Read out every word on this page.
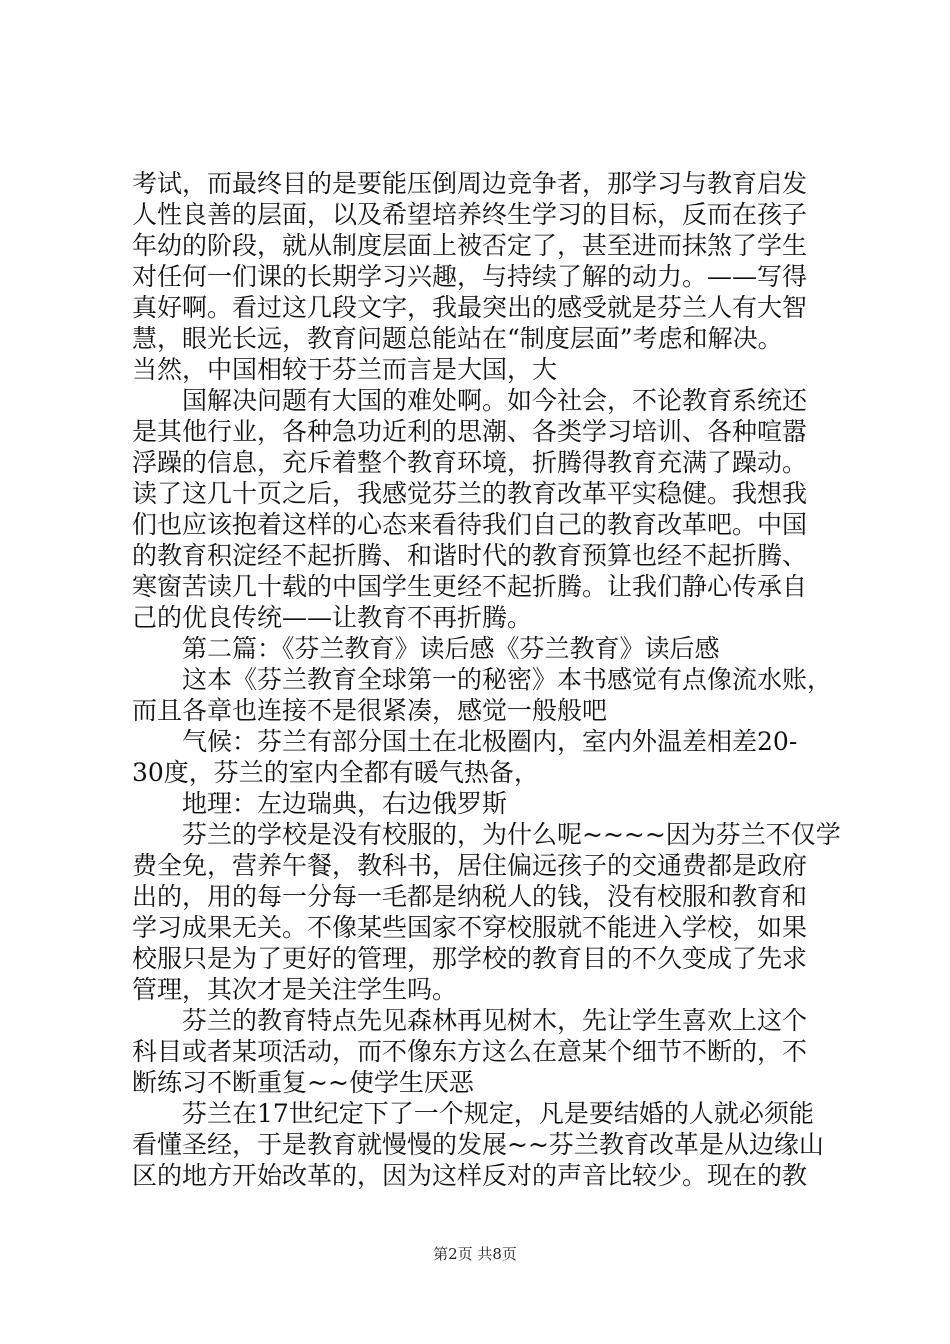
考试，而最终目的是要能压倒周边竞争者，那学习与教育启发
人性良善的层面，以及希望培养终生学习的目标，反而在孩子
年幼的阶段，就从制度层面上被否定了，甚至进而抹煞了学生
对任何一们课的长期学习兴趣，与持续了解的动力。——写得
真好啊。看过这几段文字，我最突出的感受就是芬兰人有大智
慧，眼光长远，教育问题总能站在“制度层面”考虑和解决。
当然，中国相较于芬兰而言是大国，大
国解决问题有大国的难处啊。如今社会，不论教育系统还
是其他行业，各种急功近利的思潮、各类学习培训、各种喧嚣
浮躁的信息，充斥着整个教育环境，折腾得教育充满了躁动。
读了这几十页之后，我感觉芬兰的教育改革平实稳健。我想我
们也应该抱着这样的心态来看待我们自己的教育改革吧。中国
的教育积淀经不起折腾、和谐时代的教育预算也经不起折腾、
寒窗苦读几十载的中国学生更经不起折腾。让我们静心传承自
己的优良传统——让教育不再折腾。
第二篇：《芬兰教育》读后感《芬兰教育》读后感
这本《芬兰教育全球第一的秘密》本书感觉有点像流水账，
而且各章也连接不是很紧凑，感觉一般般吧
气候：芬兰有部分国土在北极圈内，室内外温差相差20-
30度，芬兰的室内全都有暖气热备，
地理：左边瑞典，右边俄罗斯
芬兰的学校是没有校服的，为什么呢~~~~因为芬兰不仅学
费全免，营养午餐，教科书，居住偏远孩子的交通费都是政府
出的，用的每一分每一毛都是纳税人的钱，没有校服和教育和
学习成果无关。不像某些国家不穿校服就不能进入学校，如果
校服只是为了更好的管理，那学校的教育目的不久变成了先求
管理，其次才是关注学生吗。
芬兰的教育特点先见森林再见树木，先让学生喜欢上这个
科目或者某项活动，而不像东方这么在意某个细节不断的，不
断练习不断重复~~使学生厌恶
芬兰在17世纪定下了一个规定，凡是要结婚的人就必须能
看懂圣经，于是教育就慢慢的发展~~芬兰教育改革是从边缘山
区的地方开始改革的，因为这样反对的声音比较少。现在的教
第2页 共8页
